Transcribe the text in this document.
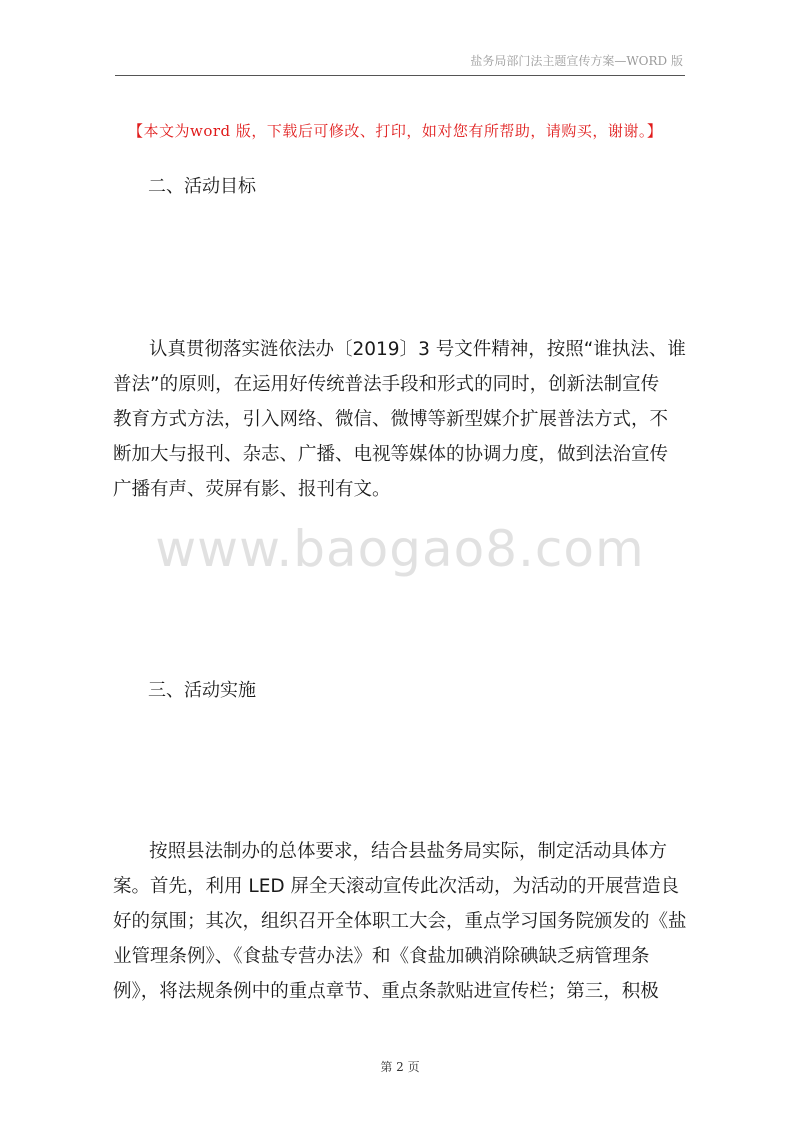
盐务局部门法主题宣传方案—WORD 版
【本文为word 版，下载后可修改、打印，如对您有所帮助，请购买，谢谢。】
二、活动目标
认真贯彻落实涟依法办〔2019〕3 号文件精神，按照“谁执法、谁
普法”的原则，在运用好传统普法手段和形式的同时，创新法制宣传
教育方式方法，引入网络、微信、微博等新型媒介扩展普法方式，不
断加大与报刊、杂志、广播、电视等媒体的协调力度，做到法治宣传
广播有声、荧屏有影、报刊有文。
www.baogao8.com
三、活动实施
按照县法制办的总体要求，结合县盐务局实际，制定活动具体方
案。首先，利用 LED 屏全天滚动宣传此次活动，为活动的开展营造良
好的氛围；其次，组织召开全体职工大会，重点学习国务院颁发的《盐
业管理条例》、《食盐专营办法》和《食盐加碘消除碘缺乏病管理条
例》，将法规条例中的重点章节、重点条款贴进宣传栏；第三，积极
第 2 页
